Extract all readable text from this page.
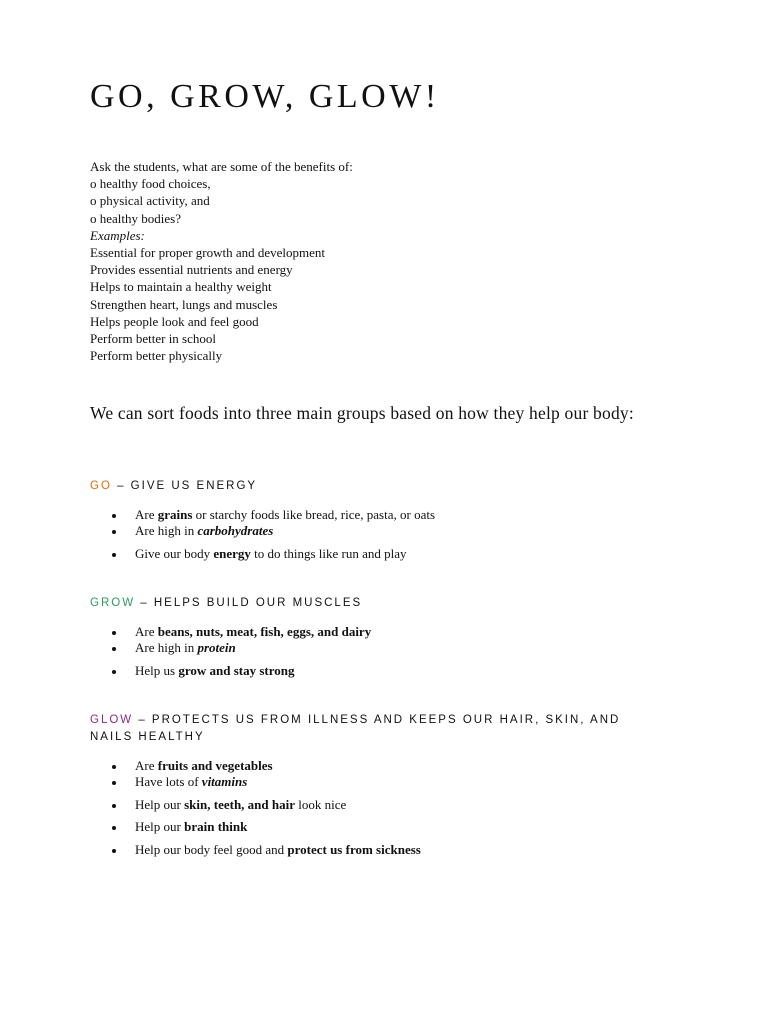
GO, GROW, GLOW!
Ask the students, what are some of the benefits of:
o healthy food choices,
o physical activity, and
o healthy bodies?
Examples:
Essential for proper growth and development
Provides essential nutrients and energy
Helps to maintain a healthy weight
Strengthen heart, lungs and muscles
Helps people look and feel good
Perform better in school
Perform better physically
We can sort foods into three main groups based on how they help our body:
GO – GIVE US ENERGY
Are grains or starchy foods like bread, rice, pasta, or oats
Are high in carbohydrates
Give our body energy to do things like run and play
GROW – HELPS BUILD OUR MUSCLES
Are beans, nuts, meat, fish, eggs, and dairy
Are high in protein
Help us grow and stay strong
GLOW – PROTECTS US FROM ILLNESS AND KEEPS OUR HAIR, SKIN, AND NAILS HEALTHY
Are fruits and vegetables
Have lots of vitamins
Help our skin, teeth, and hair look nice
Help our brain think
Help our body feel good and protect us from sickness
